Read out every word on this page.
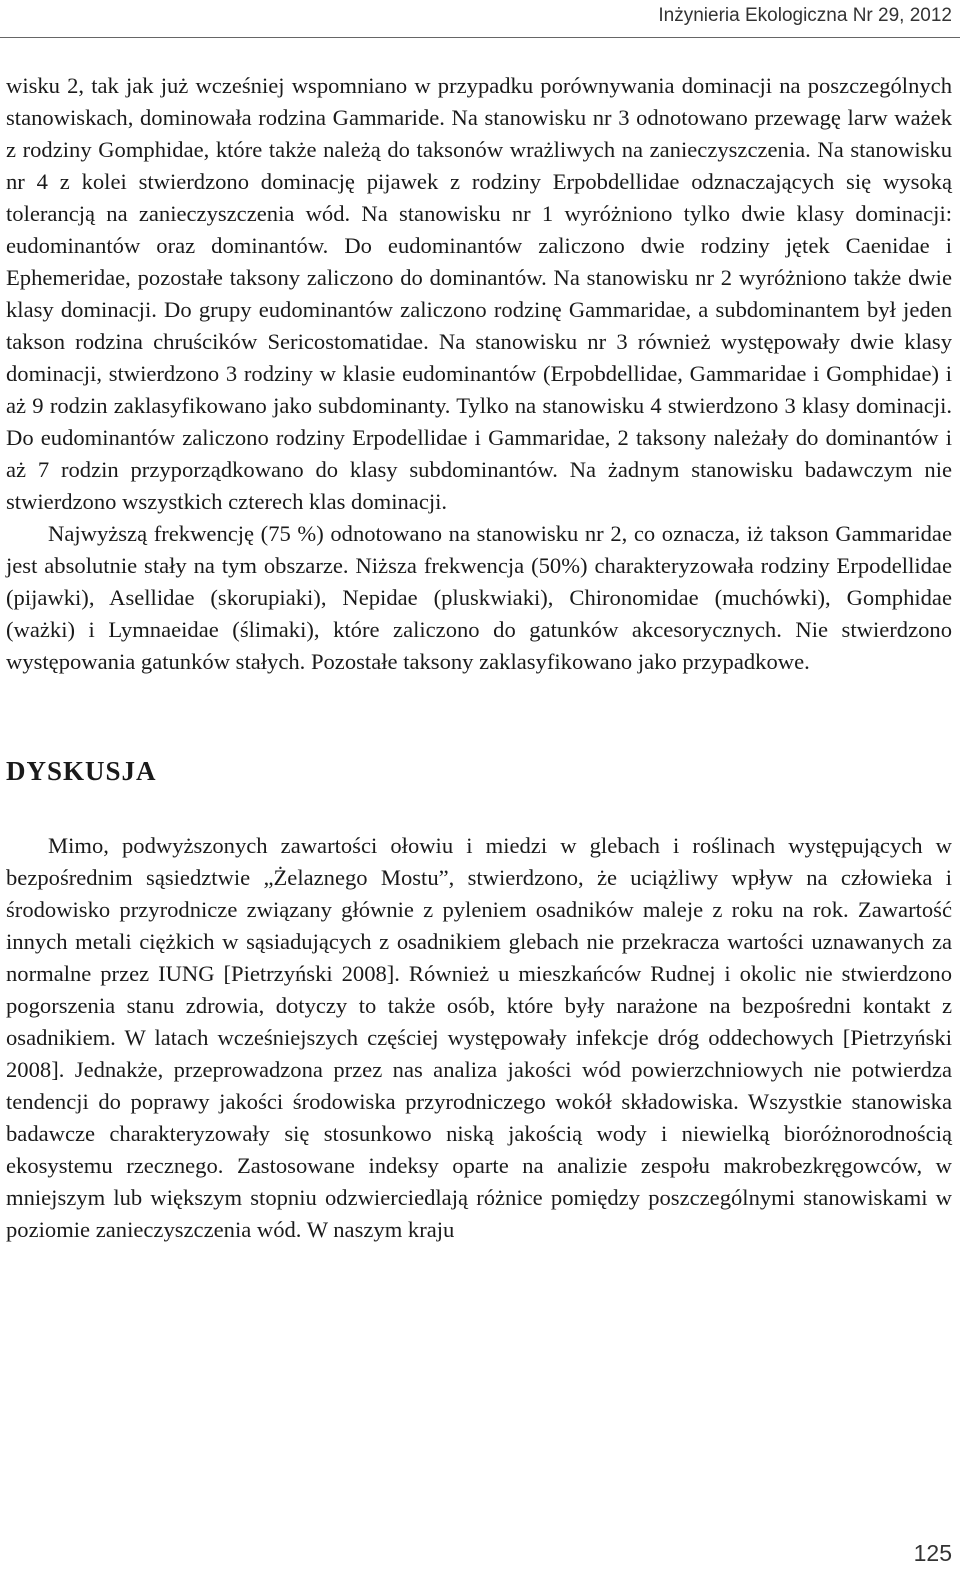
Inżynieria Ekologiczna Nr 29, 2012

wisku 2, tak jak już wcześniej wspomniano w przypadku porównywania dominacji na poszczególnych stanowiskach, dominowała rodzina Gammaride. Na stanowisku nr 3 odnotowano przewagę larw ważek z rodziny Gomphidae, które także należą do taksonów wrażliwych na zanieczyszczenia. Na stanowisku nr 4 z kolei stwierdzono dominację pijawek z rodziny Erpobdellidae odznaczających się wysoką tolerancją na zanieczyszczenia wód. Na stanowisku nr 1 wyróżniono tylko dwie klasy dominacji: eudominantów oraz dominantów. Do eudominantów zaliczono dwie rodziny jętek Caenidae i Ephemeridae, pozostałe taksony zaliczono do dominantów. Na stanowisku nr 2 wyróżniono także dwie klasy dominacji. Do grupy eudominantów zaliczono rodzinę Gammaridae, a subdominantem był jeden takson rodzina chruścików Sericostomatidae. Na stanowisku nr 3 również występowały dwie klasy dominacji, stwierdzono 3 rodziny w klasie eudominantów (Erpobdellidae, Gammaridae i Gomphidae) i aż 9 rodzin zaklasyfikowano jako subdominanty. Tylko na stanowisku 4 stwierdzono 3 klasy dominacji. Do eudominantów zaliczono rodziny Erpodellidae i Gammaridae, 2 taksony należały do dominantów i aż 7 rodzin przyporządkowano do klasy subdominantów. Na żadnym stanowisku badawczym nie stwierdzono wszystkich czterech klas dominacji.

Najwyższą frekwencję (75 %) odnotowano na stanowisku nr 2, co oznacza, iż takson Gammaridae jest absolutnie stały na tym obszarze. Niższa frekwencja (50%) charakteryzowała rodziny Erpodellidae (pijawki), Asellidae (skorupiaki), Nepidae (pluskwiaki), Chironomidae (muchówki), Gomphidae (ważki) i Lymnaeidae (ślimaki), które zaliczono do gatunków akcesorycznych. Nie stwierdzono występowania gatunków stałych. Pozostałe taksony zaklasyfikowano jako przypadkowe.

DYSKUSJA

Mimo, podwyższonych zawartości ołowiu i miedzi w glebach i roślinach występujących w bezpośrednim sąsiedztwie „Żelaznego Mostu”, stwierdzono, że uciążliwy wpływ na człowieka i środowisko przyrodnicze związany głównie z pyleniem osadników maleje z roku na rok. Zawartość innych metali ciężkich w sąsiadujących z osadnikiem glebach nie przekracza wartości uznawanych za normalne przez IUNG [Pietrzyński 2008]. Również u mieszkańców Rudnej i okolic nie stwierdzono pogorszenia stanu zdrowia, dotyczy to także osób, które były narażone na bezpośredni kontakt z osadnikiem. W latach wcześniejszych częściej występowały infekcje dróg oddechowych [Pietrzyński 2008]. Jednakże, przeprowadzona przez nas analiza jakości wód powierzchniowych nie potwierdza tendencji do poprawy jakości środowiska przyrodniczego wokół składowiska. Wszystkie stanowiska badawcze charakteryzowały się stosunkowo niską jakością wody i niewielką bioróżnorodnością ekosystemu rzecznego. Zastosowane indeksy oparte na analizie zespołu makrobezkręgowców, w mniejszym lub większym stopniu odzwierciedlają różnice pomiędzy poszczególnymi stanowiskami w poziomie zanieczyszczenia wód. W naszym kraju

125
